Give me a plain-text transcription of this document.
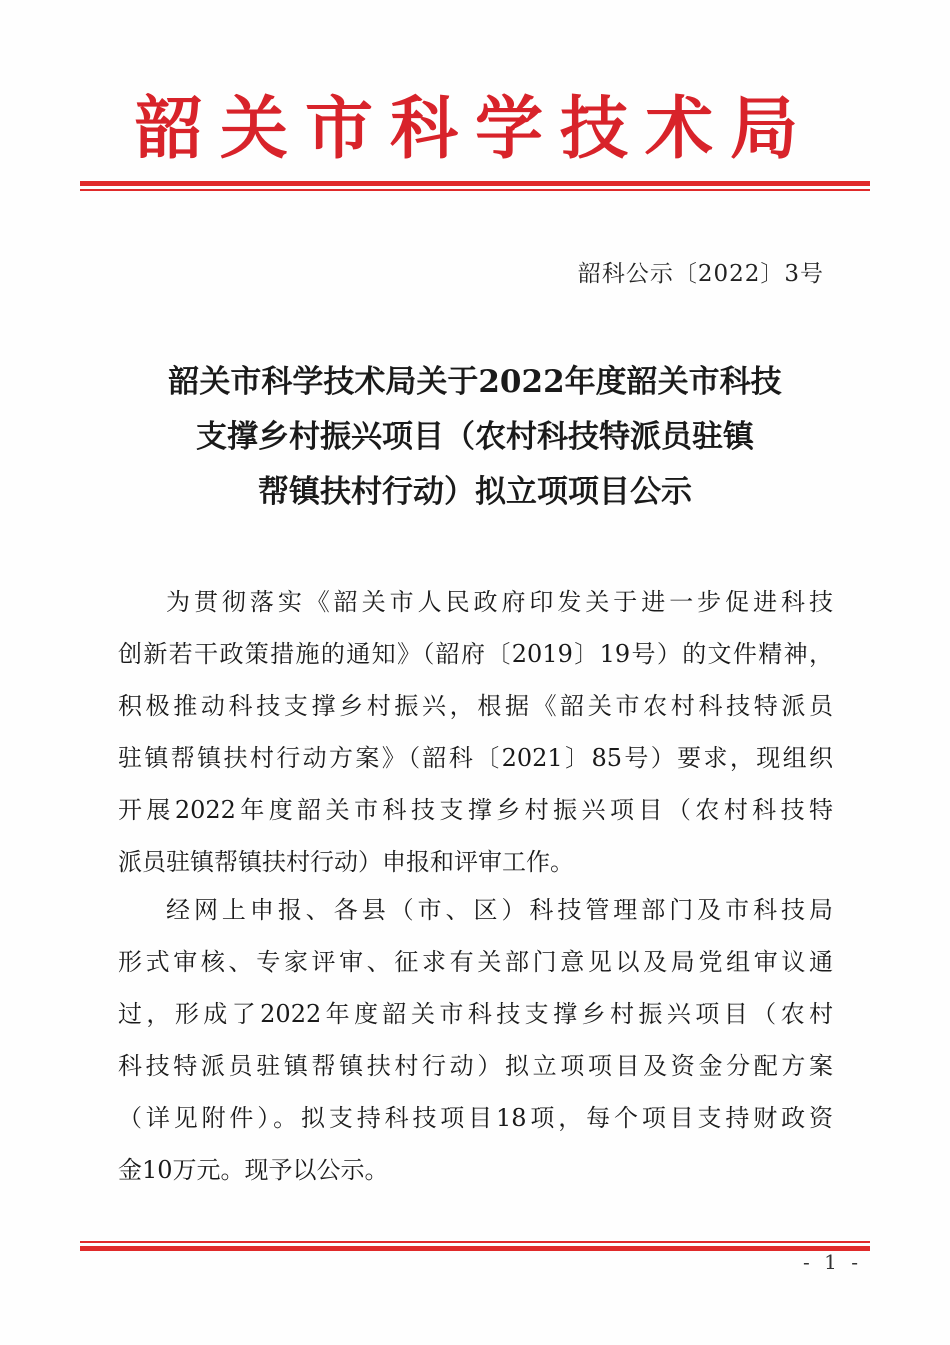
韶关市科学技术局
韶科公示〔2022〕3号
韶关市科学技术局关于2022年度韶关市科技
支撑乡村振兴项目（农村科技特派员驻镇
帮镇扶村行动）拟立项项目公示
为贯彻落实《韶关市人民政府印发关于进一步促进科技
创新若干政策措施的通知》（韶府〔2019〕19号）的文件精神，
积极推动科技支撑乡村振兴，根据《韶关市农村科技特派员
驻镇帮镇扶村行动方案》（韶科〔2021〕85号）要求，现组织
开展2022年度韶关市科技支撑乡村振兴项目（农村科技特
派员驻镇帮镇扶村行动）申报和评审工作。
经网上申报、各县（市、区）科技管理部门及市科技局
形式审核、专家评审、征求有关部门意见以及局党组审议通
过，形成了2022年度韶关市科技支撑乡村振兴项目（农村
科技特派员驻镇帮镇扶村行动）拟立项项目及资金分配方案
（详见附件）。拟支持科技项目18项，每个项目支持财政资
金10万元。现予以公示。
- 1 -
